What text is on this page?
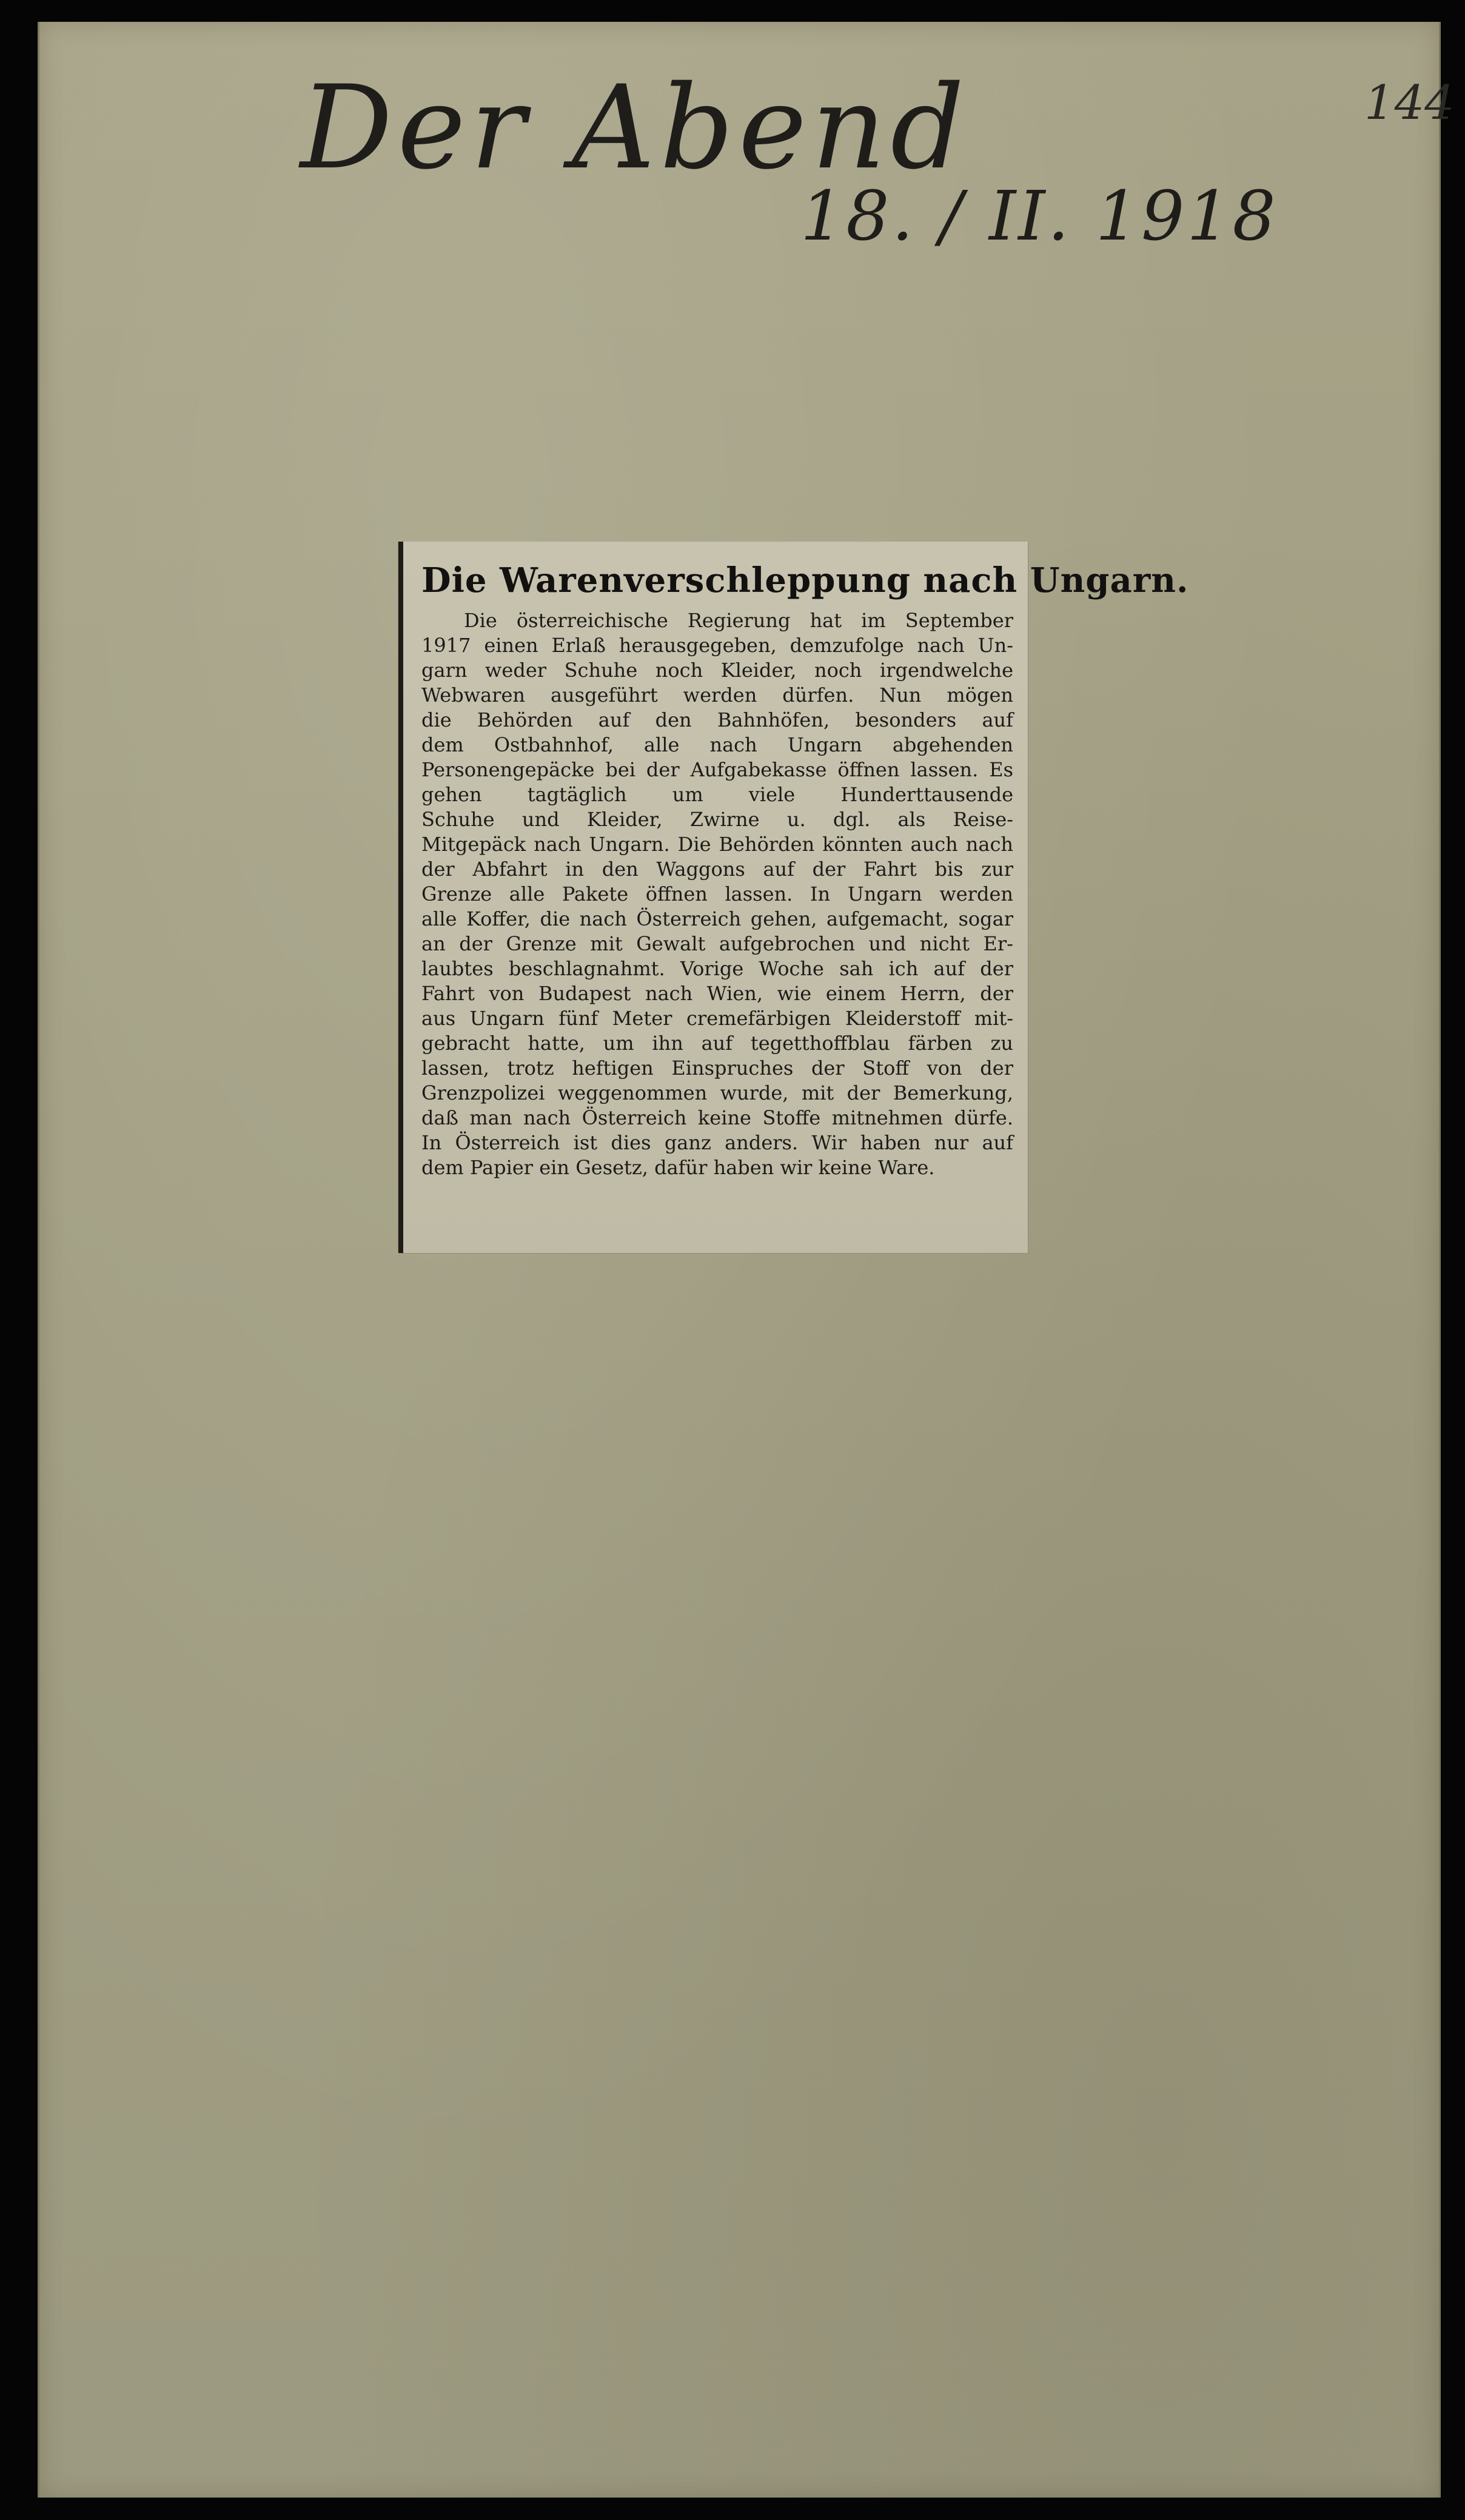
Der Abend
18. / II. 1918
144
Die Warenverschleppung nach Ungarn.
Die österreichische Regierung hat im September
1917 einen Erlaß herausgegeben, demzufolge nach Un-
garn weder Schuhe noch Kleider, noch irgendwelche
Webwaren ausgeführt werden dürfen. Nun mögen
die Behörden auf den Bahnhöfen, besonders auf
dem Ostbahnhof, alle nach Ungarn abgehenden
Personengepäcke bei der Aufgabekasse öffnen lassen. Es
gehen tagtäglich um viele Hunderttausende
Schuhe und Kleider, Zwirne u. dgl. als Reise-
Mitgepäck nach Ungarn. Die Behörden könnten auch nach
der Abfahrt in den Waggons auf der Fahrt bis zur
Grenze alle Pakete öffnen lassen. In Ungarn werden
alle Koffer, die nach Österreich gehen, aufgemacht, sogar
an der Grenze mit Gewalt aufgebrochen und nicht Er-
laubtes beschlagnahmt. Vorige Woche sah ich auf der
Fahrt von Budapest nach Wien, wie einem Herrn, der
aus Ungarn fünf Meter cremefärbigen Kleiderstoff mit-
gebracht hatte, um ihn auf tegetthoffblau färben zu
lassen, trotz heftigen Einspruches der Stoff von der
Grenzpolizei weggenommen wurde, mit der Bemerkung,
daß man nach Österreich keine Stoffe mitnehmen dürfe.
In Österreich ist dies ganz anders. Wir haben nur auf
dem Papier ein Gesetz, dafür haben wir keine Ware.
